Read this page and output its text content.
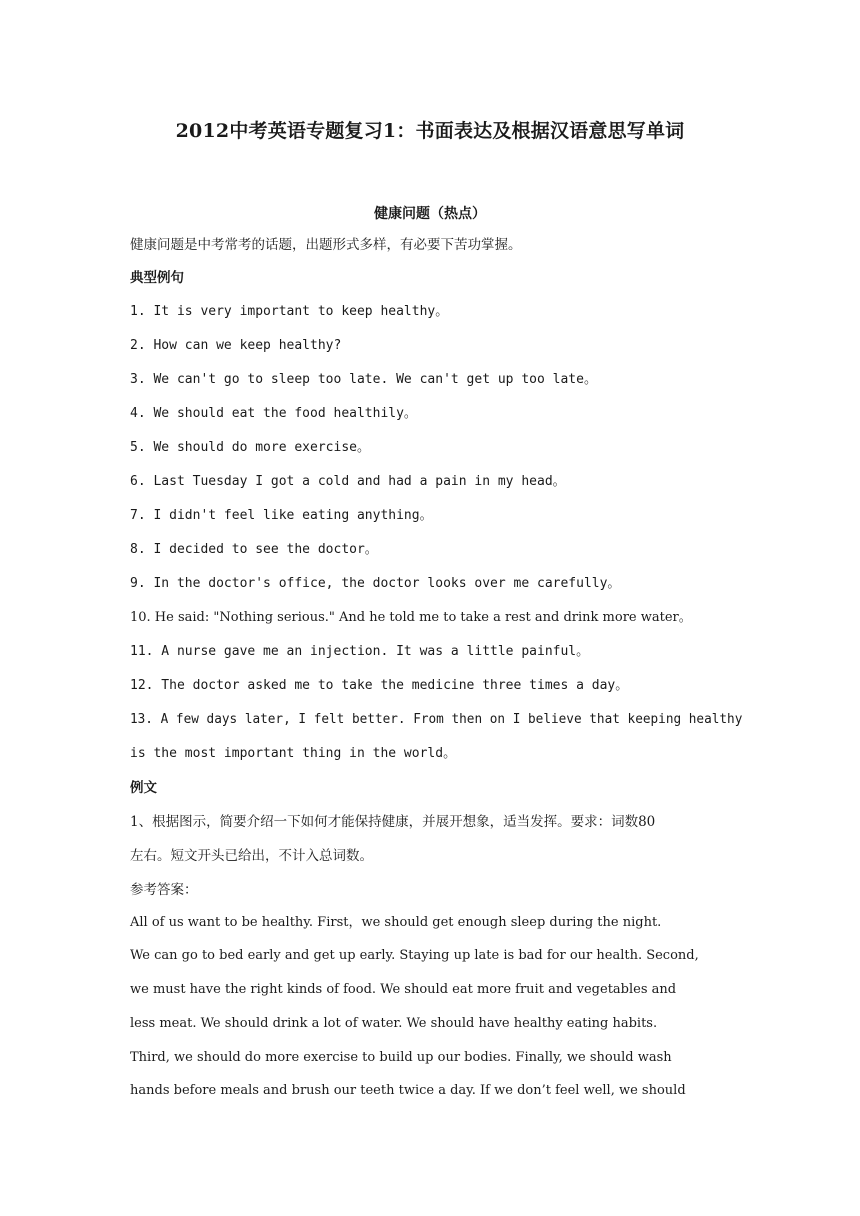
2012中考英语专题复习1：书面表达及根据汉语意思写单词
健康问题（热点）
健康问题是中考常考的话题，出题形式多样，有必要下苦功掌握。
典型例句
1. It is very important to keep healthy。
2. How can we keep healthy?
3. We can't go to sleep too late. We can't get up too late。
4. We should eat the food healthily。
5. We should do more exercise。
6. Last Tuesday I got a cold and had a pain in my head。
7. I didn't feel like eating anything。
8. I decided to see the doctor。
9. In the doctor's office, the doctor looks over me carefully。
10. He said: "Nothing serious." And he told me to take a rest and drink more water。
11. A nurse gave me an injection. It was a little painful。
12. The doctor asked me to take the medicine three times a day。
13. A few days later, I felt better. From then on I believe that keeping healthy
is the most important thing in the world。
例文
1、根据图示，简要介绍一下如何才能保持健康，并展开想象，适当发挥。要求：词数80
左右。短文开头已给出，不计入总词数。
参考答案：
All of us want to be healthy. First，we should get enough sleep during the night.
We can go to bed early and get up early. Staying up late is bad for our health. Second,
we must have the right kinds of food. We should eat more fruit and vegetables and
less meat. We should drink a lot of water. We should have healthy eating habits.
Third, we should do more exercise to build up our bodies. Finally, we should wash
hands before meals and brush our teeth twice a day. If we don’t feel well, we should
